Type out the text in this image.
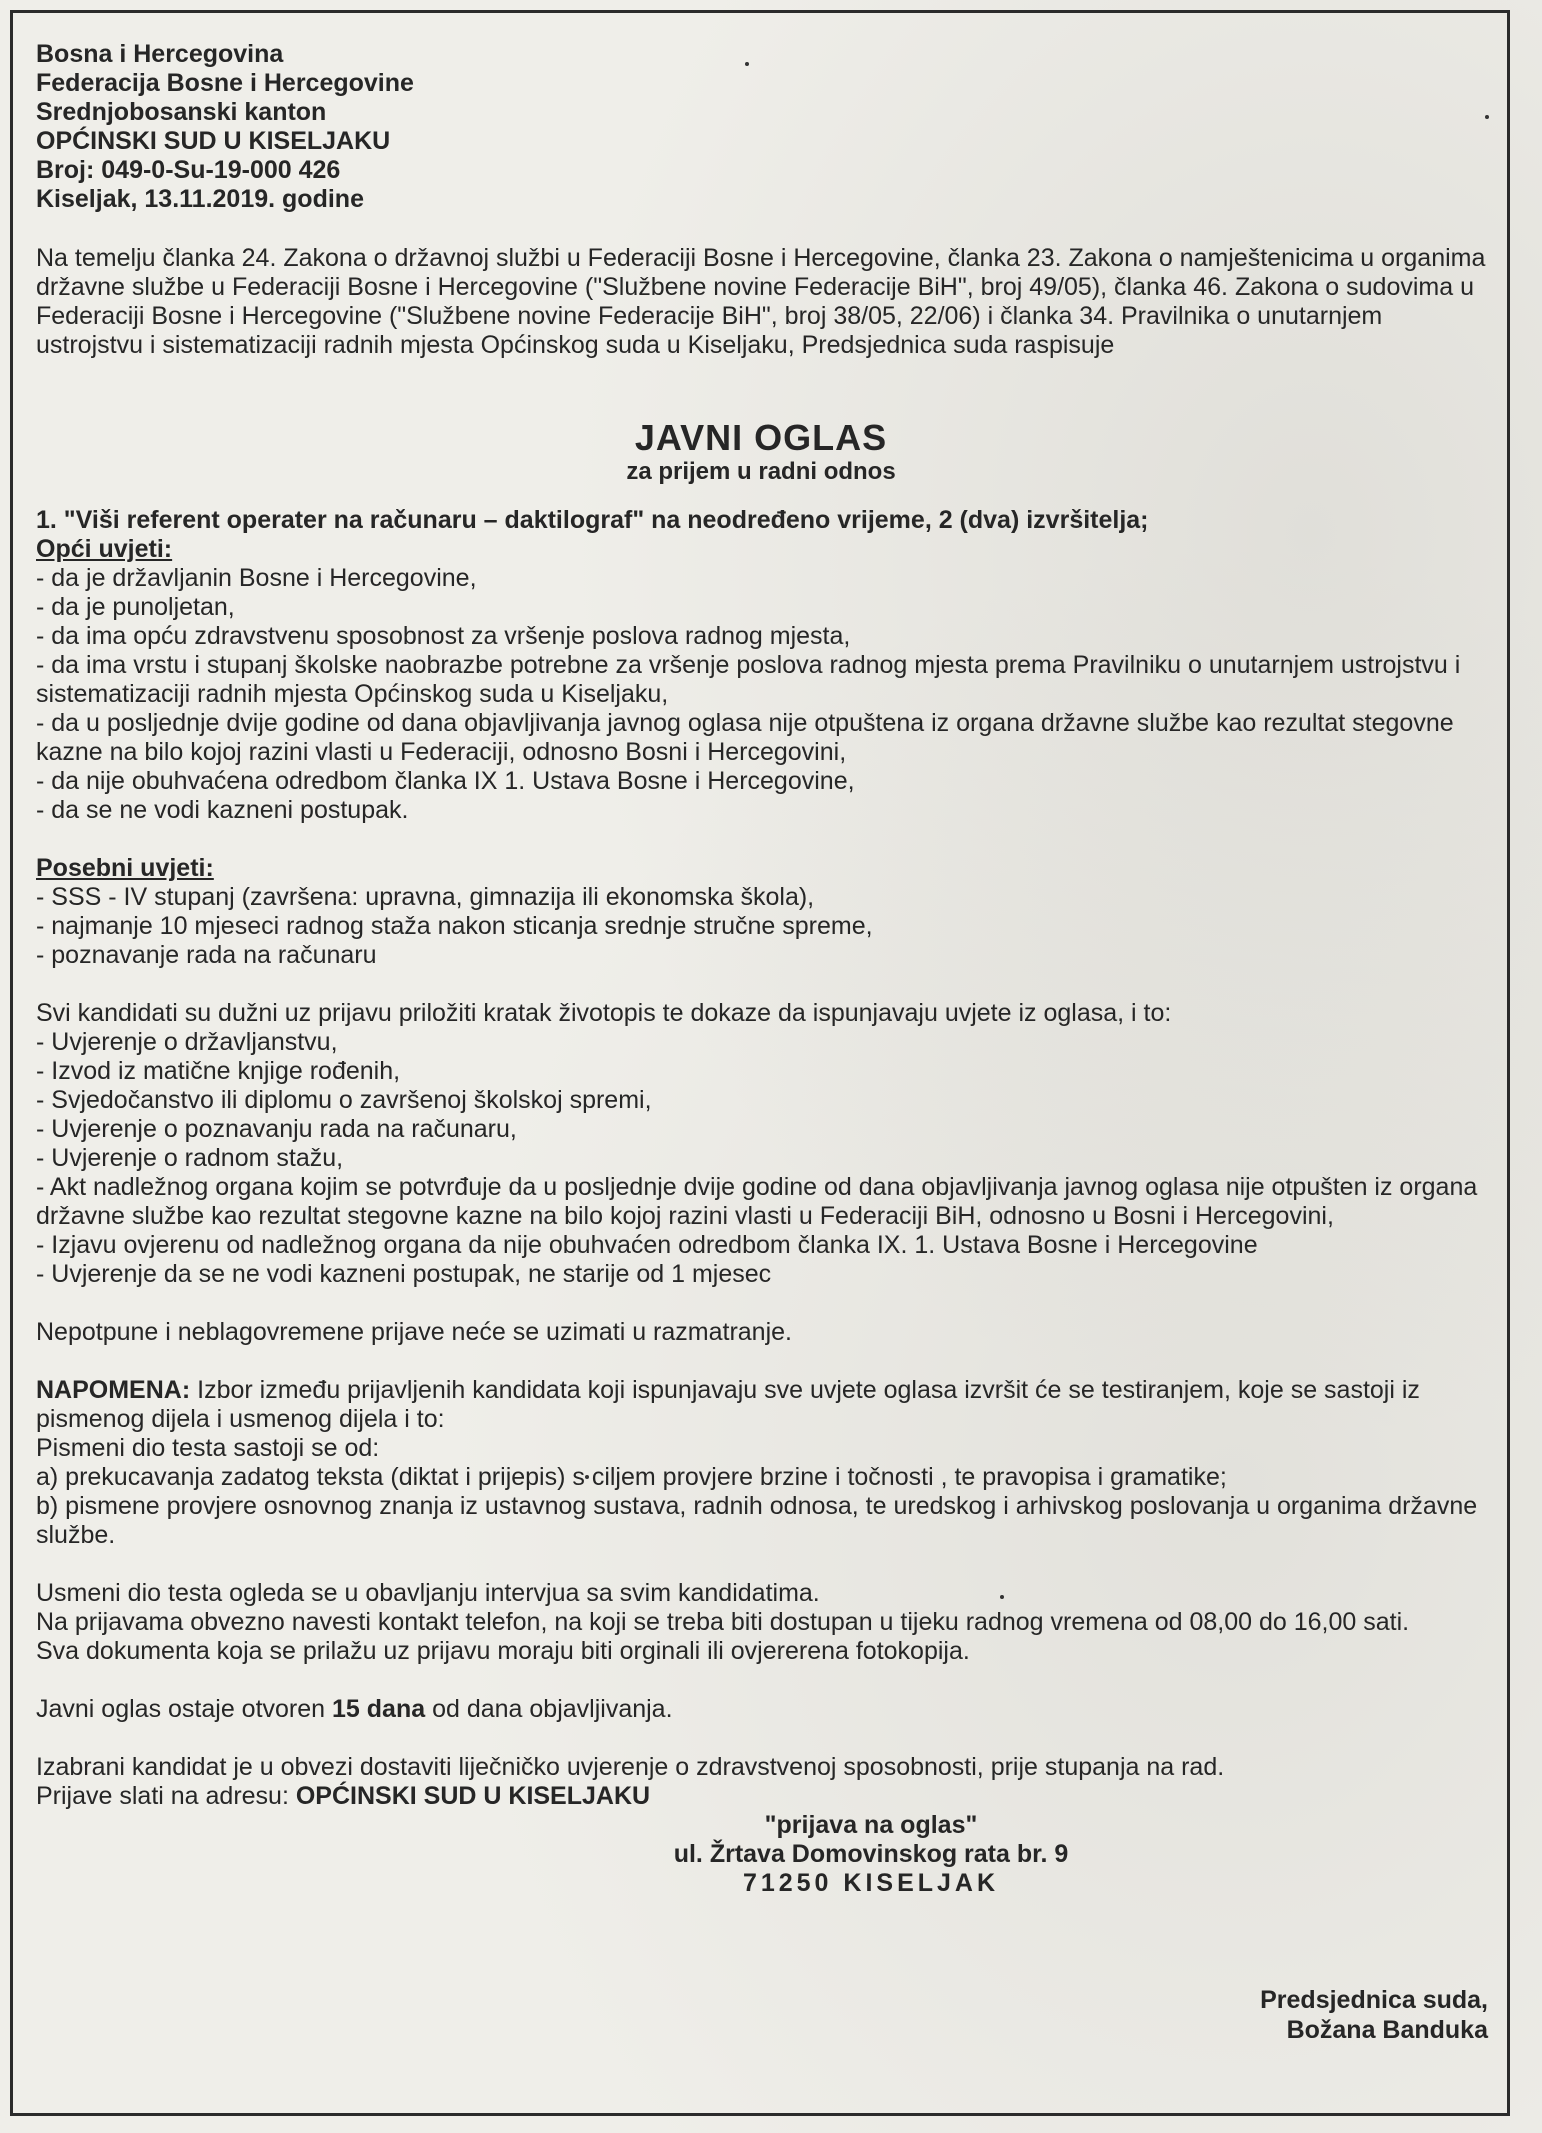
Bosna i Hercegovina
Federacija Bosne i Hercegovine
Srednjobosanski kanton
OPĆINSKI SUD U KISELJAKU
Broj: 049-0-Su-19-000 426
Kiseljak, 13.11.2019. godine
Na temelju članka 24. Zakona o državnoj službi u Federaciji Bosne i Hercegovine, članka 23. Zakona o namještenicima u organima državne službe u Federaciji Bosne i Hercegovine ("Službene novine Federacije BiH", broj 49/05), članka 46. Zakona o sudovima u Federaciji Bosne i Hercegovine ("Službene novine Federacije BiH", broj 38/05, 22/06) i članka 34. Pravilnika o unutarnjem ustrojstvu i sistematizaciji radnih mjesta Općinskog suda u Kiseljaku, Predsjednica suda raspisuje
JAVNI OGLAS
za prijem u radni odnos
1. "Viši referent operater na računaru – daktilograf" na neodređeno vrijeme, 2 (dva) izvršitelja;
Opći uvjeti:
- da je državljanin Bosne i Hercegovine,
- da je punoljetan,
- da ima opću zdravstvenu sposobnost za vršenje poslova radnog mjesta,
- da ima vrstu i stupanj školske naobrazbe potrebne za vršenje poslova radnog mjesta prema Pravilniku o unutarnjem ustrojstvu i sistematizaciji radnih mjesta Općinskog suda u Kiseljaku,
- da u posljednje dvije godine od dana objavljivanja javnog oglasa nije otpuštena iz organa državne službe kao rezultat stegovne kazne na bilo kojoj razini vlasti u Federaciji, odnosno Bosni i Hercegovini,
- da nije obuhvaćena odredbom članka IX 1. Ustava Bosne i Hercegovine,
- da se ne vodi kazneni postupak.
Posebni uvjeti:
- SSS - IV stupanj (završena: upravna, gimnazija ili ekonomska škola),
- najmanje 10 mjeseci radnog staža nakon sticanja srednje stručne spreme,
- poznavanje rada na računaru
Svi kandidati su dužni uz prijavu priložiti kratak životopis te dokaze da ispunjavaju uvjete iz oglasa, i to:
- Uvjerenje o državljanstvu,
- Izvod iz matične knjige rođenih,
- Svjedočanstvo ili diplomu o završenoj školskoj spremi,
- Uvjerenje o poznavanju rada na računaru,
- Uvjerenje o radnom stažu,
- Akt nadležnog organa kojim se potvrđuje da u posljednje dvije godine od dana objavljivanja javnog oglasa nije otpušten iz organa državne službe kao rezultat stegovne kazne na bilo kojoj razini vlasti u Federaciji BiH, odnosno u Bosni i Hercegovini,
- Izjavu ovjerenu od nadležnog organa da nije obuhvaćen odredbom članka IX. 1. Ustava Bosne i Hercegovine
- Uvjerenje da se ne vodi kazneni postupak, ne starije od 1 mjesec
Nepotpune i neblagovremene prijave neće se uzimati u razmatranje.
NAPOMENA: Izbor između prijavljenih kandidata koji ispunjavaju sve uvjete oglasa izvršit će se testiranjem, koje se sastoji iz pismenog dijela i usmenog dijela i to:
Pismeni dio testa sastoji se od:
a) prekucavanja zadatog teksta (diktat i prijepis) s ciljem provjere brzine i točnosti , te pravopisa i gramatike;
b) pismene provjere osnovnog znanja iz ustavnog sustava, radnih odnosa, te uredskog i arhivskog poslovanja u organima državne službe.
Usmeni dio testa ogleda se u obavljanju intervjua sa svim kandidatima.
Na prijavama obvezno navesti kontakt telefon, na koji se treba biti dostupan u tijeku radnog vremena od 08,00 do 16,00 sati.
Sva dokumenta koja se prilažu uz prijavu moraju biti orginali ili ovjererena fotokopija.
Javni oglas ostaje otvoren 15 dana od dana objavljivanja.
Izabrani kandidat je u obvezi dostaviti liječničko uvjerenje o zdravstvenoj sposobnosti, prije stupanja na rad.
Prijave slati na adresu: OPĆINSKI SUD U KISELJAKU
"prijava na oglas"
ul. Žrtava Domovinskog rata br. 9
71250 KISELJAK
Predsjednica suda,
Božana Banduka
